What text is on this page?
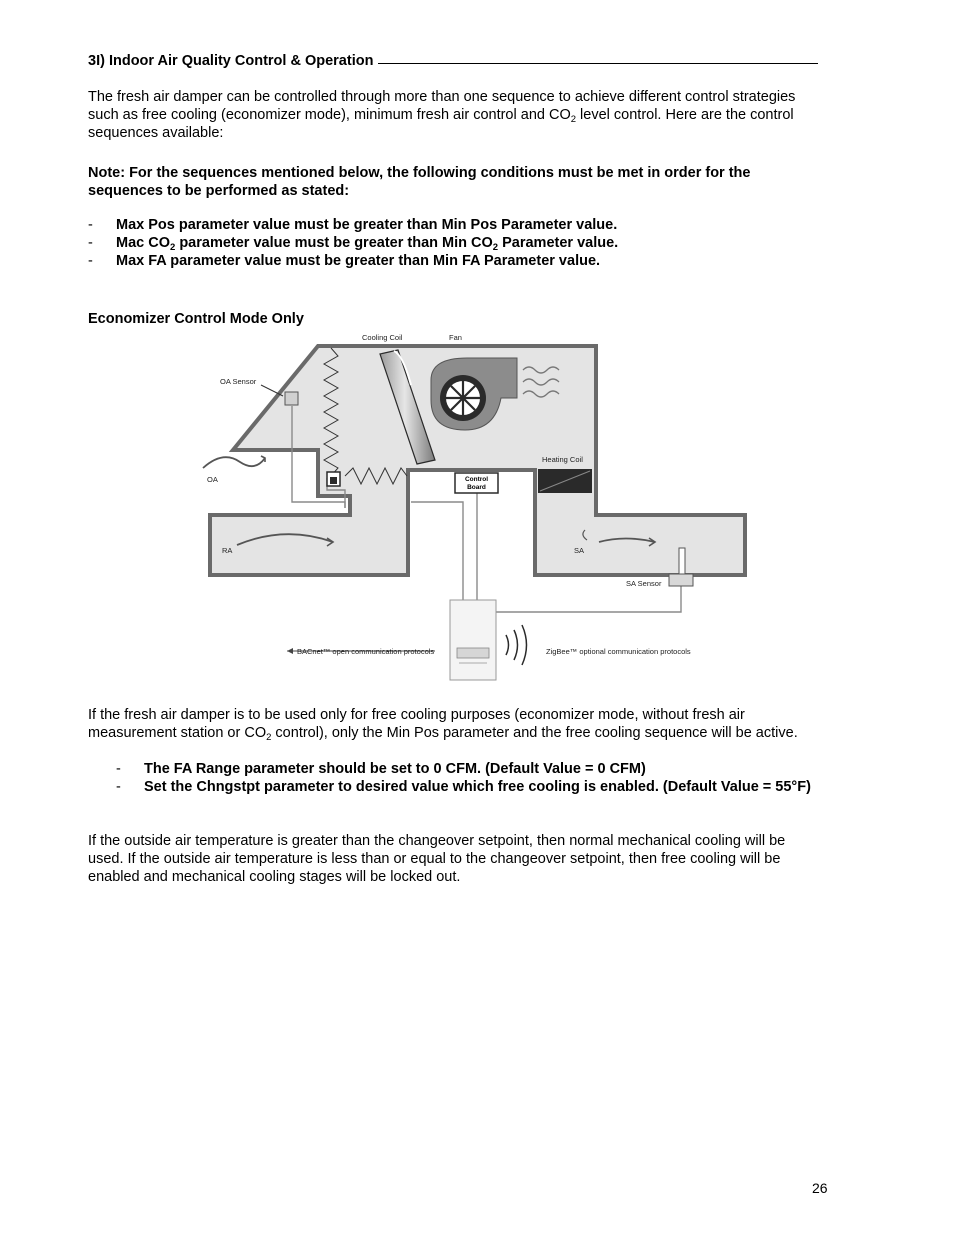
3I) Indoor Air Quality Control & Operation

The fresh air damper can be controlled through more than one sequence to achieve different control strategies such as free cooling (economizer mode), minimum fresh air control and $CO_2$ level control. Here are the control sequences available:

Note: For the sequences mentioned below, the following conditions must be met in order for the sequences to be performed as stated:

- Max Pos parameter value must be greater than Min Pos Parameter value.
- Mac $CO_2$ parameter value must be greater than Min $CO_2$ Parameter value.
- Max FA parameter value must be greater than Min FA Parameter value.
Economizer Control Mode Only
Control
Board
Cooling Coil	Fan
OA Sensor
OA
RA
Heating Coil
SA
SA Sensor
BACnet™ open communication protocols	ZigBee™ optional communication protocols

If the fresh air damper is to be used only for free cooling purposes (economizer mode, without fresh air measurement station or $CO_2$ control), only the Min Pos parameter and the free cooling sequence will be active.

- The FA Range parameter should be set to 0 CFM. (Default Value = 0 CFM)
- Set the Chngstpt parameter to desired value which free cooling is enabled. (Default Value = 55°F)

If the outside air temperature is greater than the changeover setpoint, then normal mechanical cooling will be used. If the outside air temperature is less than or equal to the changeover setpoint, then free cooling will be enabled and mechanical cooling stages will be locked out.

26
